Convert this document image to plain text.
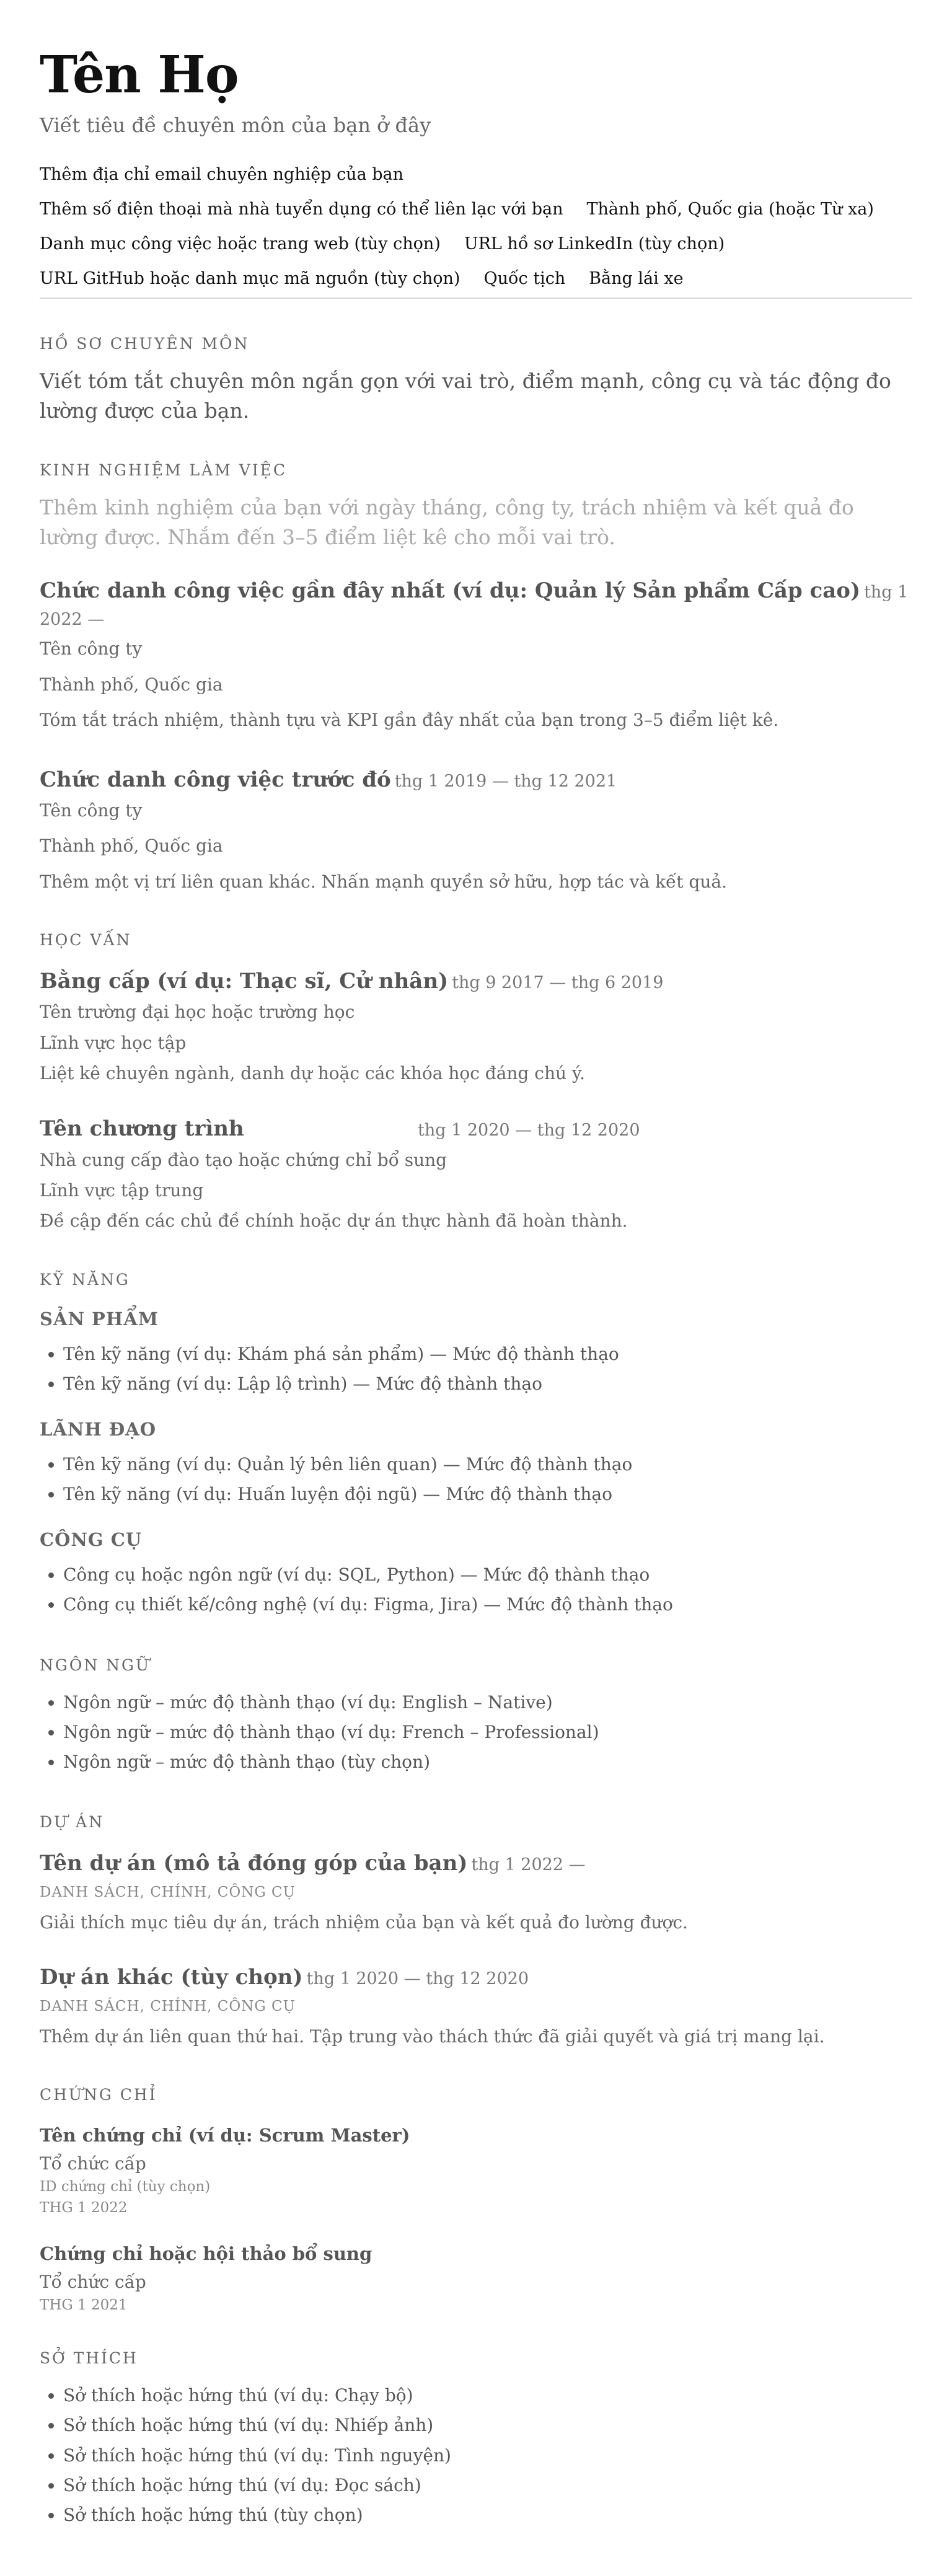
Tên Họ
Viết tiêu đề chuyên môn của bạn ở đây
Thêm địa chỉ email chuyên nghiệp của bạn
Thêm số điện thoại mà nhà tuyển dụng có thể liên lạc với bạn Thành phố, Quốc gia (hoặc Từ xa)
Danh mục công việc hoặc trang web (tùy chọn) URL hồ sơ LinkedIn (tùy chọn)
URL GitHub hoặc danh mục mã nguồn (tùy chọn) Quốc tịch Bằng lái xe
HỒ SƠ CHUYÊN MÔN
Viết tóm tắt chuyên môn ngắn gọn với vai trò, điểm mạnh, công cụ và tác động đo lường được của bạn.
KINH NGHIỆM LÀM VIỆC
Thêm kinh nghiệm của bạn với ngày tháng, công ty, trách nhiệm và kết quả đo lường được. Nhắm đến 3–5 điểm liệt kê cho mỗi vai trò.
Chức danh công việc gần đây nhất (ví dụ: Quản lý Sản phẩm Cấp cao) thg 1 2022 —
Tên công ty
Thành phố, Quốc gia
Tóm tắt trách nhiệm, thành tựu và KPI gần đây nhất của bạn trong 3–5 điểm liệt kê.
Chức danh công việc trước đó thg 1 2019 — thg 12 2021
Tên công ty
Thành phố, Quốc gia
Thêm một vị trí liên quan khác. Nhấn mạnh quyền sở hữu, hợp tác và kết quả.
HỌC VẤN
Bằng cấp (ví dụ: Thạc sĩ, Cử nhân) thg 9 2017 — thg 6 2019
Tên trường đại học hoặc trường học
Lĩnh vực học tập
Liệt kê chuyên ngành, danh dự hoặc các khóa học đáng chú ý.
Tên chương trình	thg 1 2020 — thg 12 2020
Nhà cung cấp đào tạo hoặc chứng chỉ bổ sung
Lĩnh vực tập trung
Đề cập đến các chủ đề chính hoặc dự án thực hành đã hoàn thành.
KỸ NĂNG
SẢN PHẨM
• Tên kỹ năng (ví dụ: Khám phá sản phẩm) — Mức độ thành thạo
• Tên kỹ năng (ví dụ: Lập lộ trình) — Mức độ thành thạo
LÃNH ĐẠO
• Tên kỹ năng (ví dụ: Quản lý bên liên quan) — Mức độ thành thạo
• Tên kỹ năng (ví dụ: Huấn luyện đội ngũ) — Mức độ thành thạo
CÔNG CỤ
• Công cụ hoặc ngôn ngữ (ví dụ: SQL, Python) — Mức độ thành thạo
• Công cụ thiết kế/công nghệ (ví dụ: Figma, Jira) — Mức độ thành thạo
NGÔN NGỮ
• Ngôn ngữ – mức độ thành thạo (ví dụ: English – Native)
• Ngôn ngữ – mức độ thành thạo (ví dụ: French – Professional)
• Ngôn ngữ – mức độ thành thạo (tùy chọn)
DỰ ÁN
Tên dự án (mô tả đóng góp của bạn) thg 1 2022 —
DANH SÁCH, CHÍNH, CÔNG CỤ
Giải thích mục tiêu dự án, trách nhiệm của bạn và kết quả đo lường được.
Dự án khác (tùy chọn) thg 1 2020 — thg 12 2020
DANH SÁCH, CHÍNH, CÔNG CỤ
Thêm dự án liên quan thứ hai. Tập trung vào thách thức đã giải quyết và giá trị mang lại.
CHỨNG CHỈ
Tên chứng chỉ (ví dụ: Scrum Master)
Tổ chức cấp
ID chứng chỉ (tùy chọn)
THG 1 2022
Chứng chỉ hoặc hội thảo bổ sung
Tổ chức cấp
THG 1 2021
SỞ THÍCH
• Sở thích hoặc hứng thú (ví dụ: Chạy bộ)
• Sở thích hoặc hứng thú (ví dụ: Nhiếp ảnh)
• Sở thích hoặc hứng thú (ví dụ: Tình nguyện)
• Sở thích hoặc hứng thú (ví dụ: Đọc sách)
• Sở thích hoặc hứng thú (tùy chọn)
